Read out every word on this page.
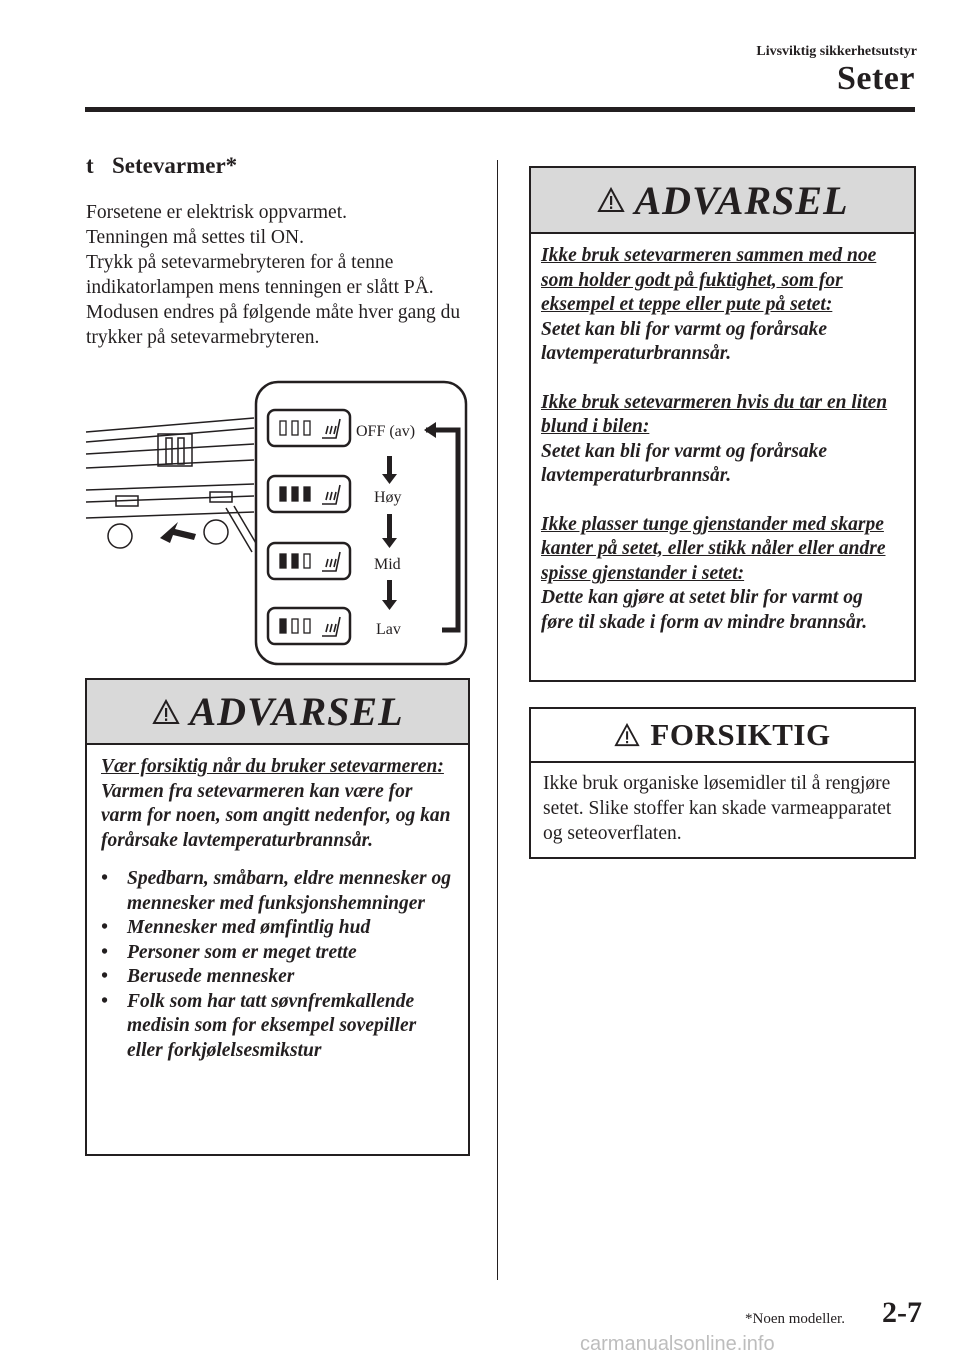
Livsviktig sikkerhetsutstyr
Seter
t Setevarmer*

Forsetene er elektrisk oppvarmet.

Tenningen må settes til ON.

Trykk på setevarmebryteren for å tenne indikatorlampen mens tenningen er slått PÅ. Modusen endres på følgende måte hver gang du trykker på setevarmebryteren.

OFF (av)
Høy
Mid
Lav
ADVARSEL

Vær forsiktig når du bruker setevarmeren:

Varmen fra setevarmeren kan være for varm for noen, som angitt nedenfor, og kan forårsake lavtemperaturbrannsår.

• Spedbarn, småbarn, eldre mennesker og mennesker med funksjonshemninger
• Mennesker med ømfintlig hud
• Personer som er meget trette
• Berusede mennesker
• Folk som har tatt søvnfremkallende medisin som for eksempel sovepiller eller forkjølelsesmikstur
ADVARSEL

Ikke bruk setevarmeren sammen med noe som holder godt på fuktighet, som for eksempel et teppe eller pute på setet:

Setet kan bli for varmt og forårsake lavtemperaturbrannsår.

Ikke bruk setevarmeren hvis du tar en liten blund i bilen:

Setet kan bli for varmt og forårsake lavtemperaturbrannsår.

Ikke plasser tunge gjenstander med skarpe kanter på setet, eller stikk nåler eller andre spisse gjenstander i setet:

Dette kan gjøre at setet blir for varmt og føre til skade i form av mindre brannsår.

FORSIKTIG
Ikke bruk organiske løsemidler til å rengjøre setet. Slike stoffer kan skade varmeapparatet og seteoverflaten.
*Noen modeller. 2-7
carmanualsonline.info
